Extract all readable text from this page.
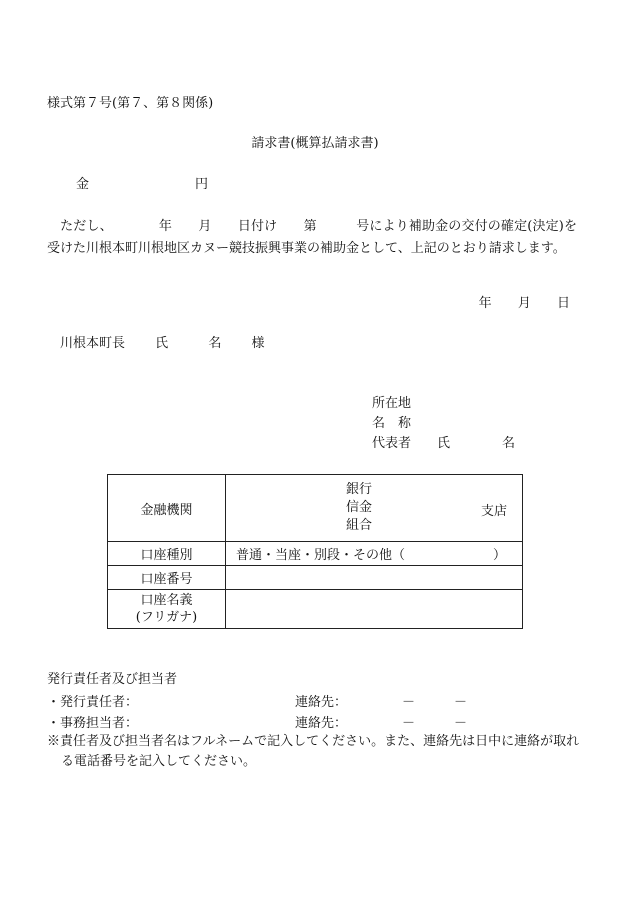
様式第７号(第７、第８関係)
請求書(概算払請求書)
金	円
　ただし、　　　　年　　月　　日付け　　第　　　号により補助金の交付の確定(決定)を受けた川根本町川根地区カヌー競技振興事業の補助金として、上記のとおり請求します。
年 月 日
川根本町長 氏	名 様
所在地
名　称
代表者　　氏　　　　名
金融機関	銀行
信金
組合
支店

口座種別	普通・当座・別段・その他（ ）
口座番号	

口座名義
(フリガナ)	

発行責任者及び担当者
・発行責任者：	連絡先：	－	－
・事務担当者：	連絡先：	－	－
※責任者及び担当者名はフルネームで記入してください。また、連絡先は日中に連絡が取れる電話番号を記入してください。
